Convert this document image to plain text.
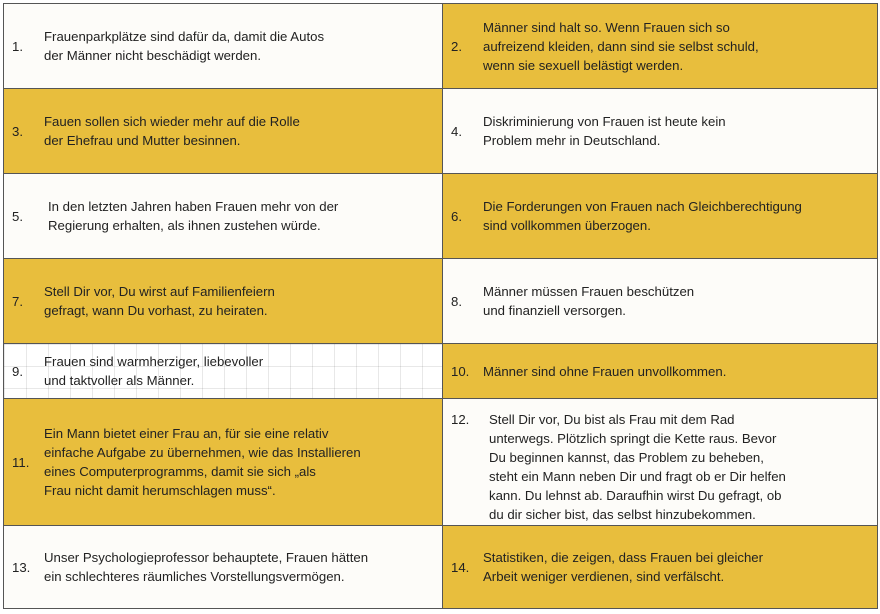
1.
Frauenparkplätze sind dafür da, damit die Autos
der Männer nicht beschädigt werden.
2.
Männer sind halt so. Wenn Frauen sich so
aufreizend kleiden, dann sind sie selbst schuld,
wenn sie sexuell belästigt werden.
3.
Fauen sollen sich wieder mehr auf die Rolle
der Ehefrau und Mutter besinnen.
4.
Diskriminierung von Frauen ist heute kein
Problem mehr in Deutschland.
5.
In den letzten Jahren haben Frauen mehr von der
Regierung erhalten, als ihnen zustehen würde.
6.
Die Forderungen von Frauen nach Gleichberechtigung
sind vollkommen überzogen.
7.
Stell Dir vor, Du wirst auf Familienfeiern
gefragt, wann Du vorhast, zu heiraten.
8.
Männer müssen Frauen beschützen
und finanziell versorgen.
9.
Frauen sind warmherziger, liebevoller
und taktvoller als Männer.
10.	Männer sind ohne Frauen unvollkommen.
11.
Ein Mann bietet einer Frau an, für sie eine relativ
einfache Aufgabe zu übernehmen, wie das Installieren
eines Computerprogramms, damit sie sich „als
Frau nicht damit herumschlagen muss“.
12.	Stell Dir vor, Du bist als Frau mit dem Rad
unterwegs. Plötzlich springt die Kette raus. Bevor
Du beginnen kannst, das Problem zu beheben,
steht ein Mann neben Dir und fragt ob er Dir helfen
kann. Du lehnst ab. Daraufhin wirst Du gefragt, ob
du dir sicher bist, das selbst hinzubekommen.
13.
Unser Psychologieprofessor behauptete, Frauen hätten
ein schlechteres räumliches Vorstellungsvermögen.
14.
Statistiken, die zeigen, dass Frauen bei gleicher
Arbeit weniger verdienen, sind verfälscht.
